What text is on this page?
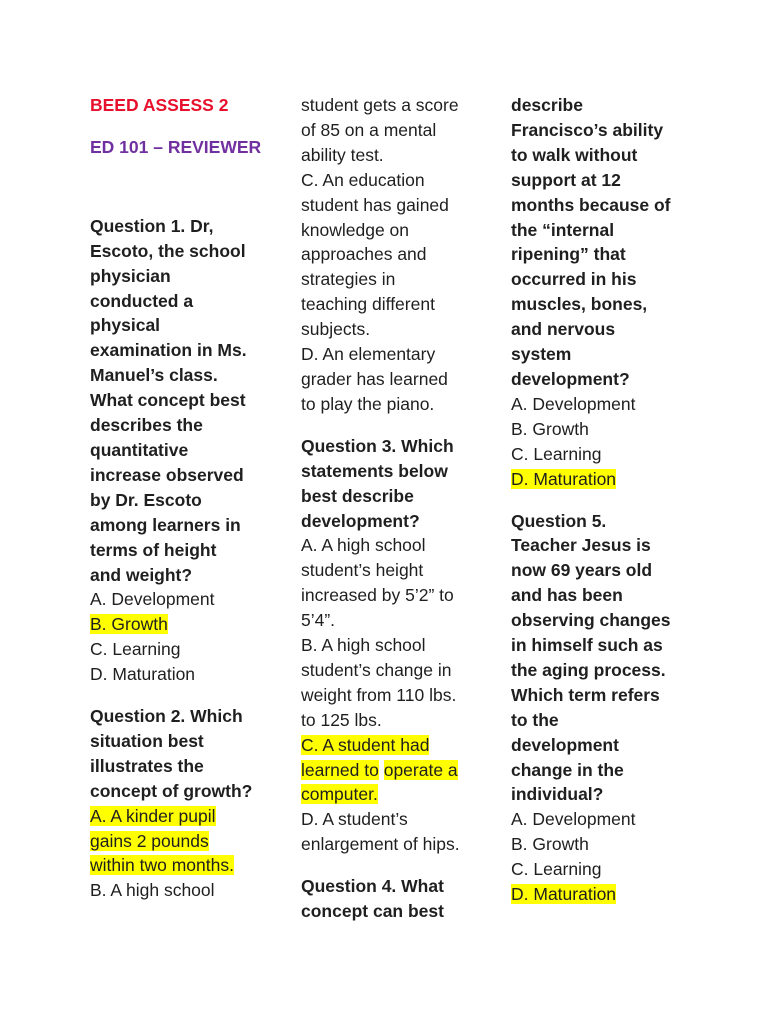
BEED ASSESS 2
ED 101 – REVIEWER
Question 1. Dr,
Escoto, the school
physician
conducted a
physical
examination in Ms.
Manuel’s class.
What concept best
describes the
quantitative
increase observed
by Dr. Escoto
among learners in
terms of height
and weight?
A. Development
B. Growth
C. Learning
D. Maturation
Question 2. Which
situation best
illustrates the
concept of growth?
A. A kinder pupil
gains 2 pounds
within two months.
B. A high school
student gets a score
of 85 on a mental
ability test.
C. An education
student has gained
knowledge on
approaches and
strategies in
teaching different
subjects.
D. An elementary
grader has learned
to play the piano.
Question 3. Which
statements below
best describe
development?
A. A high school
student’s height
increased by 5’2” to
5’4”.
B. A high school
student’s change in
weight from 110 lbs.
to 125 lbs.
C. A student had
learned to operate a
computer.
D. A student’s
enlargement of hips.
Question 4. What
concept can best
describe
Francisco’s ability
to walk without
support at 12
months because of
the “internal
ripening” that
occurred in his
muscles, bones,
and nervous
system
development?
A. Development
B. Growth
C. Learning
D. Maturation
Question 5.
Teacher Jesus is
now 69 years old
and has been
observing changes
in himself such as
the aging process.
Which term refers
to the
development
change in the
individual?
A. Development
B. Growth
C. Learning
D. Maturation
